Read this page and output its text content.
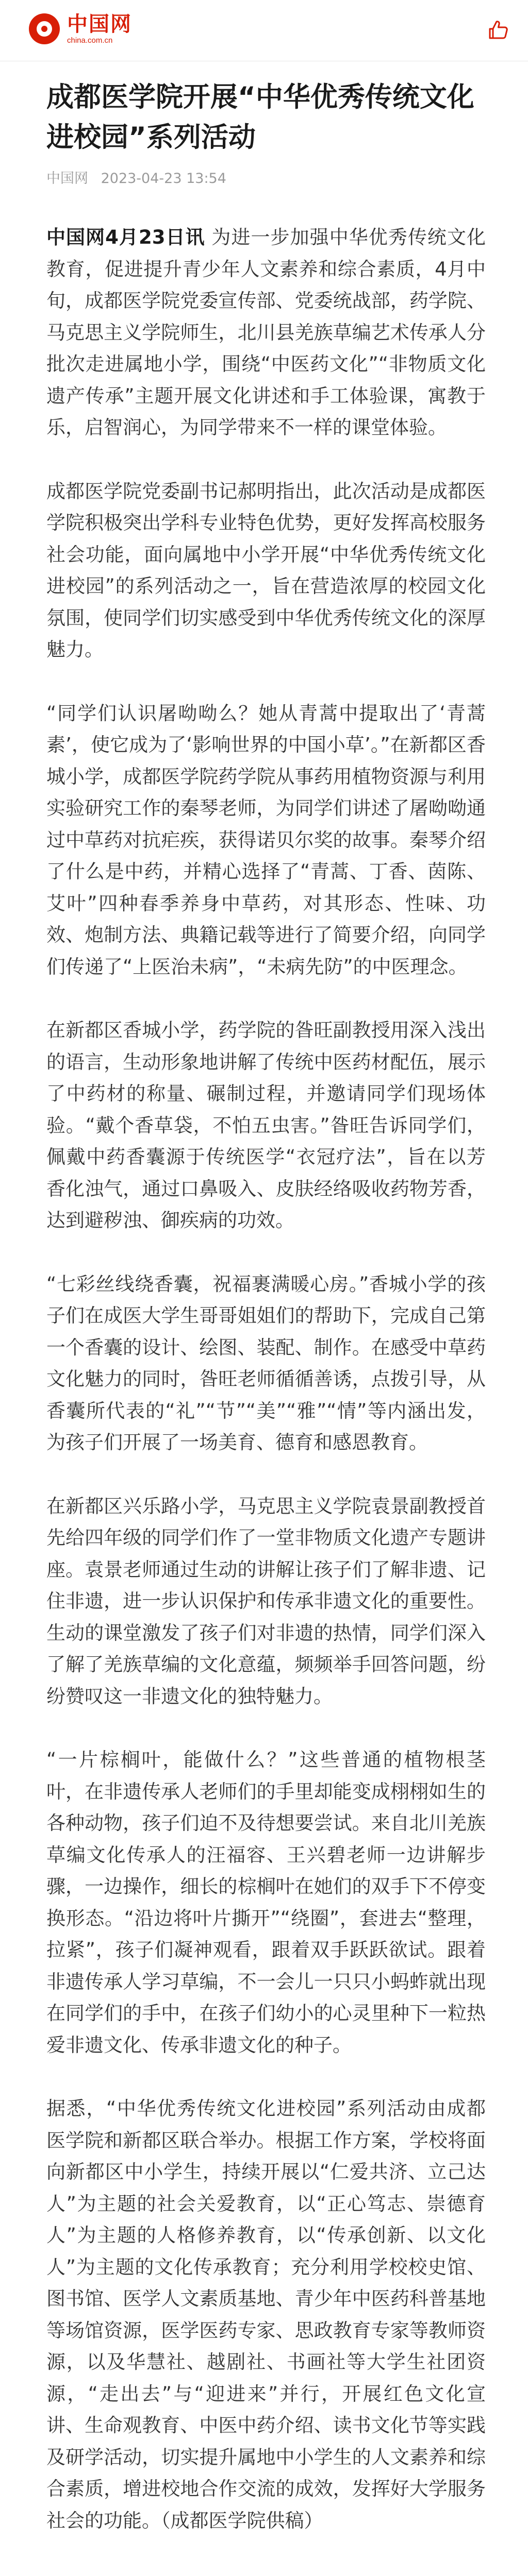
中国网
china.com.cn
成都医学院开展“中华优秀传统文化进校园”系列活动
中国网 2023-04-23 13:54

中国网4月23日讯 为进一步加强中华优秀传统文化教育，促进提升青少年人文素养和综合素质，4月中旬，成都医学院党委宣传部、党委统战部，药学院、马克思主义学院师生，北川县羌族草编艺术传承人分批次走进属地小学，围绕“中医药文化”“非物质文化遗产传承”主题开展文化讲述和手工体验课，寓教于乐，启智润心，为同学带来不一样的课堂体验。

成都医学院党委副书记郝明指出，此次活动是成都医学院积极突出学科专业特色优势，更好发挥高校服务社会功能，面向属地中小学开展“中华优秀传统文化进校园”的系列活动之一，旨在营造浓厚的校园文化氛围，使同学们切实感受到中华优秀传统文化的深厚魅力。

“同学们认识屠呦呦么？她从青蒿中提取出了‘青蒿素’，使它成为了‘影响世界的中国小草’。”在新都区香城小学，成都医学院药学院从事药用植物资源与利用实验研究工作的秦琴老师，为同学们讲述了屠呦呦通过中草药对抗疟疾，获得诺贝尔奖的故事。秦琴介绍了什么是中药，并精心选择了“青蒿、丁香、茵陈、艾叶”四种春季养身中草药，对其形态、性味、功效、炮制方法、典籍记载等进行了简要介绍，向同学们传递了“上医治未病”，“未病先防”的中医理念。

在新都区香城小学，药学院的昝旺副教授用深入浅出的语言，生动形象地讲解了传统中医药材配伍，展示了中药材的称量、碾制过程，并邀请同学们现场体验。“戴个香草袋，不怕五虫害。”昝旺告诉同学们，佩戴中药香囊源于传统医学“衣冠疗法”，旨在以芳香化浊气，通过口鼻吸入、皮肤经络吸收药物芳香，达到避秽浊、御疾病的功效。

“七彩丝线绕香囊，祝福裹满暖心房。”香城小学的孩子们在成医大学生哥哥姐姐们的帮助下，完成自己第一个香囊的设计、绘图、装配、制作。在感受中草药文化魅力的同时，昝旺老师循循善诱，点拨引导，从香囊所代表的“礼”“节”“美”“雅”“情”等内涵出发，为孩子们开展了一场美育、德育和感恩教育。

在新都区兴乐路小学，马克思主义学院袁景副教授首先给四年级的同学们作了一堂非物质文化遗产专题讲座。袁景老师通过生动的讲解让孩子们了解非遗、记住非遗，进一步认识保护和传承非遗文化的重要性。生动的课堂激发了孩子们对非遗的热情，同学们深入了解了羌族草编的文化意蕴，频频举手回答问题，纷纷赞叹这一非遗文化的独特魅力。

“一片棕榈叶，能做什么？”这些普通的植物根茎叶，在非遗传承人老师们的手里却能变成栩栩如生的各种动物，孩子们迫不及待想要尝试。来自北川羌族草编文化传承人的汪福容、王兴碧老师一边讲解步骤，一边操作，细长的棕榈叶在她们的双手下不停变换形态。“沿边将叶片撕开”“绕圈”，套进去“整理，拉紧”，孩子们凝神观看，跟着双手跃跃欲试。跟着非遗传承人学习草编，不一会儿一只只小蚂蚱就出现在同学们的手中，在孩子们幼小的心灵里种下一粒热爱非遗文化、传承非遗文化的种子。

据悉，“中华优秀传统文化进校园”系列活动由成都医学院和新都区联合举办。根据工作方案，学校将面向新都区中小学生，持续开展以“仁爱共济、立己达人”为主题的社会关爱教育，以“正心笃志、崇德育人”为主题的人格修养教育，以“传承创新、以文化人”为主题的文化传承教育；充分利用学校校史馆、图书馆、医学人文素质基地、青少年中医药科普基地等场馆资源，医学医药专家、思政教育专家等教师资源，以及华慧社、越剧社、书画社等大学生社团资源，“走出去”与“迎进来”并行，开展红色文化宣讲、生命观教育、中医中药介绍、读书文化节等实践及研学活动，切实提升属地中小学生的人文素养和综合素质，增进校地合作交流的成效，发挥好大学服务社会的功能。（成都医学院供稿）
